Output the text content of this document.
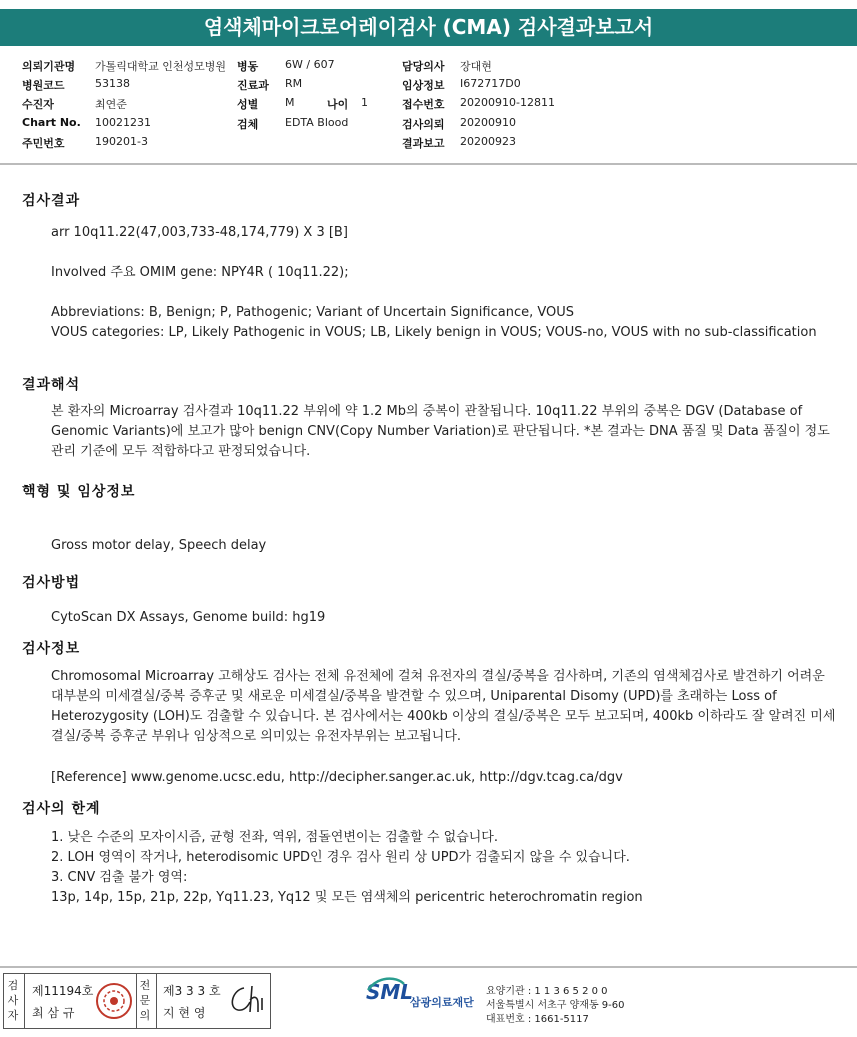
염색체마이크로어레이검사 (CMA) 검사결과보고서
의뢰기관명 가톨릭대학교 인천성모병원 병동 6W / 607	담당의사 장대현
병원코드	53138	진료과 RM	임상정보 I672717D0
수진자	최연준	성별 M	나이 1	접수번호 20200910-12811
Chart No. 10021231	검체 EDTA Blood	검사의뢰 20200910
주민번호	190201-3	결과보고 20200923
검사결과
arr 10q11.22(47,003,733-48,174,779) X 3 [B]
Involved 주요 OMIM gene: NPY4R ( 10q11.22);
Abbreviations: B, Benign; P, Pathogenic; Variant of Uncertain Significance, VOUS
VOUS categories: LP, Likely Pathogenic in VOUS; LB, Likely benign in VOUS; VOUS-no, VOUS with no sub-classification
결과해석
본 환자의 Microarray 검사결과 10q11.22 부위에 약 1.2 Mb의 중복이 관찰됩니다. 10q11.22 부위의 중복은 DGV (Database of Genomic Variants)에 보고가 많아 benign CNV(Copy Number Variation)로 판단됩니다. *본 결과는 DNA 품질 및 Data 품질이 정도 관리 기준에 모두 적합하다고 판정되었습니다.
핵형 및 임상정보
Gross motor delay, Speech delay
검사방법
CytoScan DX Assays, Genome build: hg19
검사정보
Chromosomal Microarray 고해상도 검사는 전체 유전체에 걸쳐 유전자의 결실/중복을 검사하며, 기존의 염색체검사로 발견하기 어려운 대부분의 미세결실/중복 증후군 및 새로운 미세결실/중복을 발견할 수 있으며, Uniparental Disomy (UPD)를 초래하는 Loss of Heterozygosity (LOH)도 검출할 수 있습니다. 본 검사에서는 400kb 이상의 결실/중복은 모두 보고되며, 400kb 이하라도 잘 알려진 미세결실/중복 증후군 부위나 임상적으로 의미있는 유전자부위는 보고됩니다.
[Reference] www.genome.ucsc.edu, http://decipher.sanger.ac.uk, http://dgv.tcag.ca/dgv
검사의 한계
1. 낮은 수준의 모자이시즘, 균형 전좌, 역위, 점돌연변이는 검출할 수 없습니다.
2. LOH 영역이 작거나, heterodisomic UPD인 경우 검사 원리 상 UPD가 검출되지 않을 수 있습니다.
3. CNV 검출 불가 영역:
13p, 14p, 15p, 21p, 22p, Yq11.23, Yq12 및 모든 염색체의 pericentric heterochromatin region
검사자
제11194호
최 삼 규
전문의
제3 3 3 호
지 현 영
SML
삼광의료재단
요양기관 : 1 1 3 6 5 2 0 0
서울특별시 서초구 양재동 9-60
대표번호 : 1661-5117
